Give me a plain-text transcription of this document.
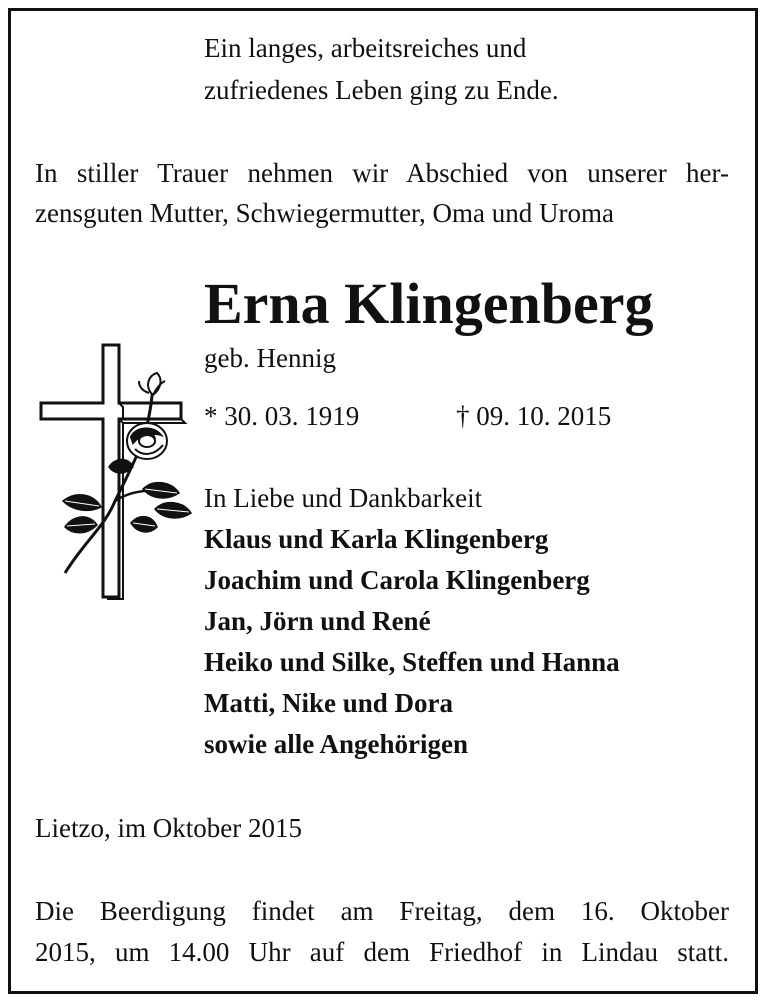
Ein langes, arbeitsreiches und
zufriedenes Leben ging zu Ende.
In stiller Trauer nehmen wir Abschied von unserer her-
zensguten Mutter, Schwiegermutter, Oma und Uroma
Erna Klingenberg
geb. Hennig
* 30. 03. 1919	† 09. 10. 2015
In Liebe und Dankbarkeit
Klaus und Karla Klingenberg
Joachim und Carola Klingenberg
Jan, Jörn und René
Heiko und Silke, Steffen und Hanna
Matti, Nike und Dora
sowie alle Angehörigen
Lietzo, im Oktober 2015
Die Beerdigung findet am Freitag, dem 16. Oktober
2015, um 14.00 Uhr auf dem Friedhof in Lindau statt.
